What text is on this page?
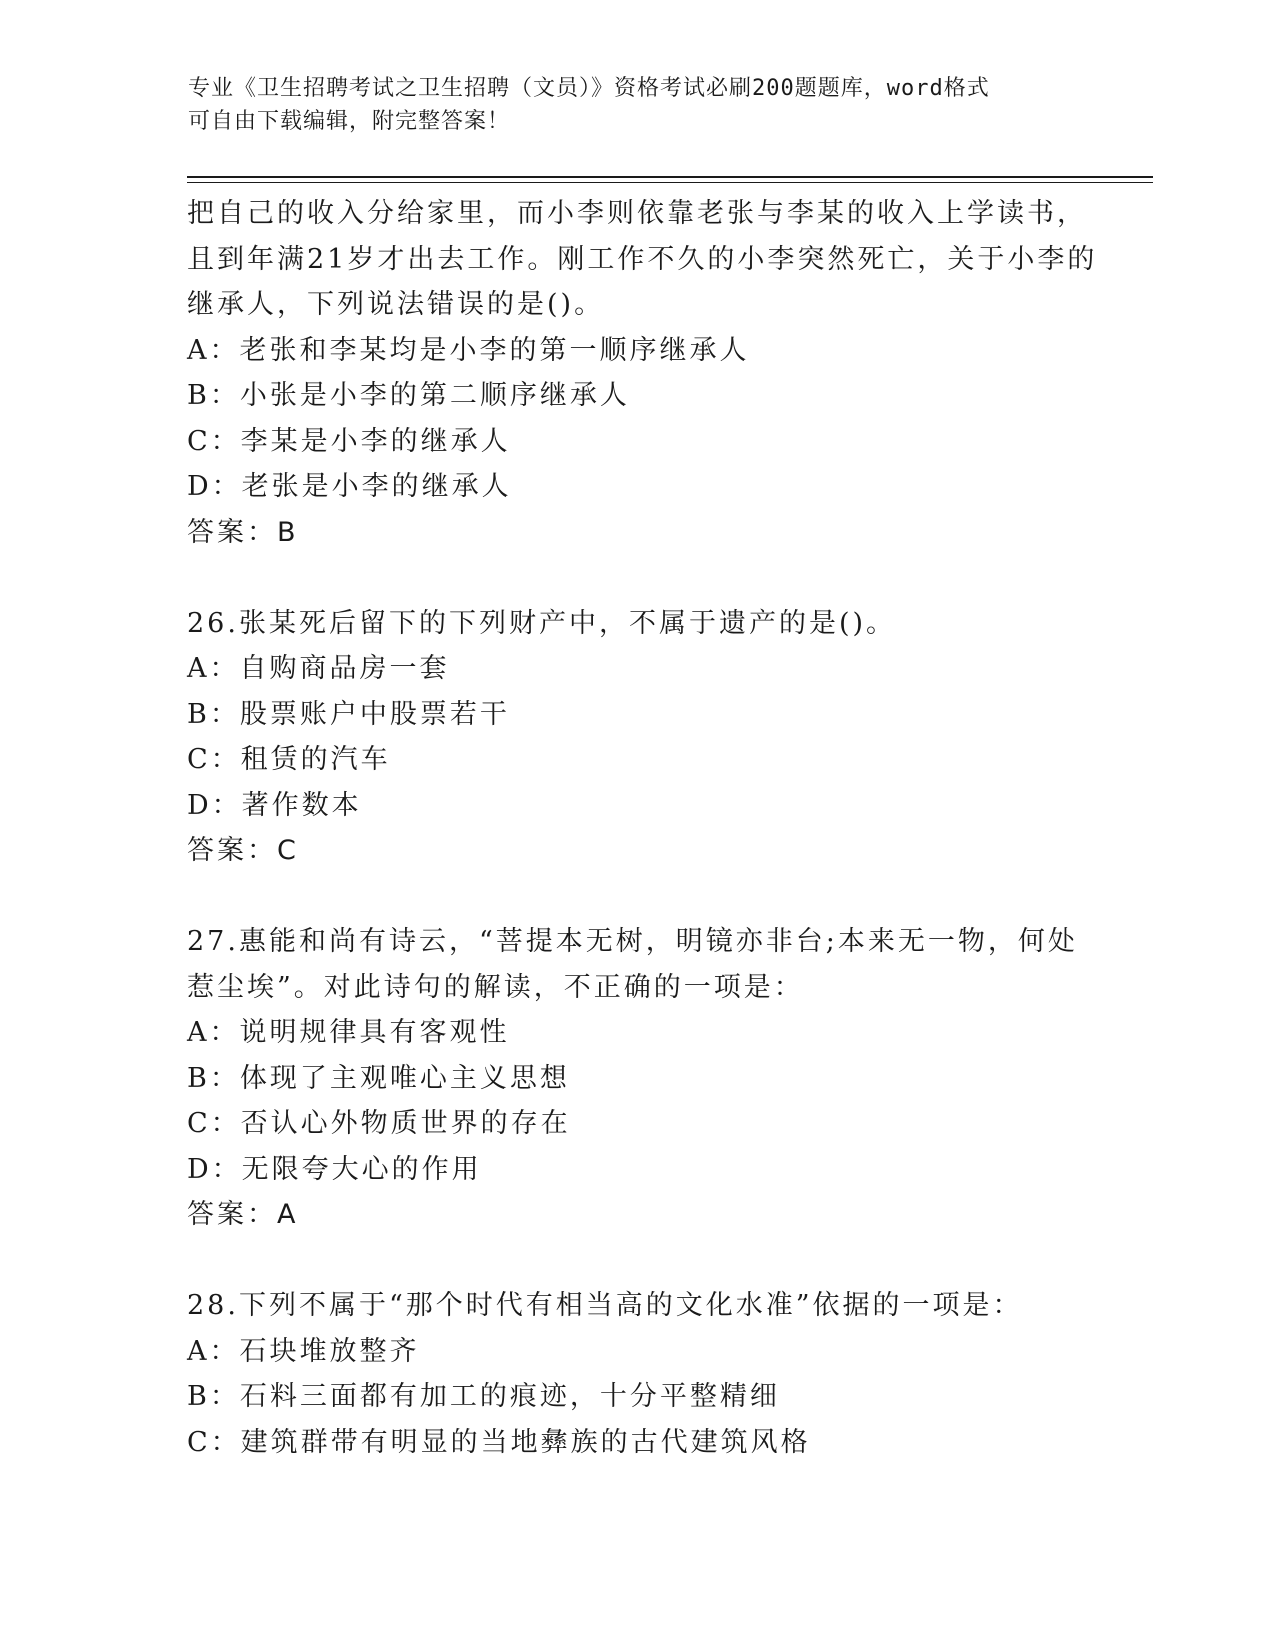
专业《卫生招聘考试之卫生招聘（文员）》资格考试必刷200题题库，word格式
可自由下载编辑，附完整答案！
把自己的收入分给家里，而小李则依靠老张与李某的收入上学读书，
且到年满21岁才出去工作。刚工作不久的小李突然死亡，关于小李的
继承人，下列说法错误的是()。
A：老张和李某均是小李的第一顺序继承人
B：小张是小李的第二顺序继承人
C：李某是小李的继承人
D：老张是小李的继承人
答案：B
26.张某死后留下的下列财产中，不属于遗产的是()。
A：自购商品房一套
B：股票账户中股票若干
C：租赁的汽车
D：著作数本
答案：C
27.惠能和尚有诗云，“菩提本无树，明镜亦非台;本来无一物，何处
惹尘埃”。对此诗句的解读，不正确的一项是：
A：说明规律具有客观性
B：体现了主观唯心主义思想
C：否认心外物质世界的存在
D：无限夸大心的作用
答案：A
28.下列不属于“那个时代有相当高的文化水准”依据的一项是：
A：石块堆放整齐
B：石料三面都有加工的痕迹，十分平整精细
C：建筑群带有明显的当地彝族的古代建筑风格
